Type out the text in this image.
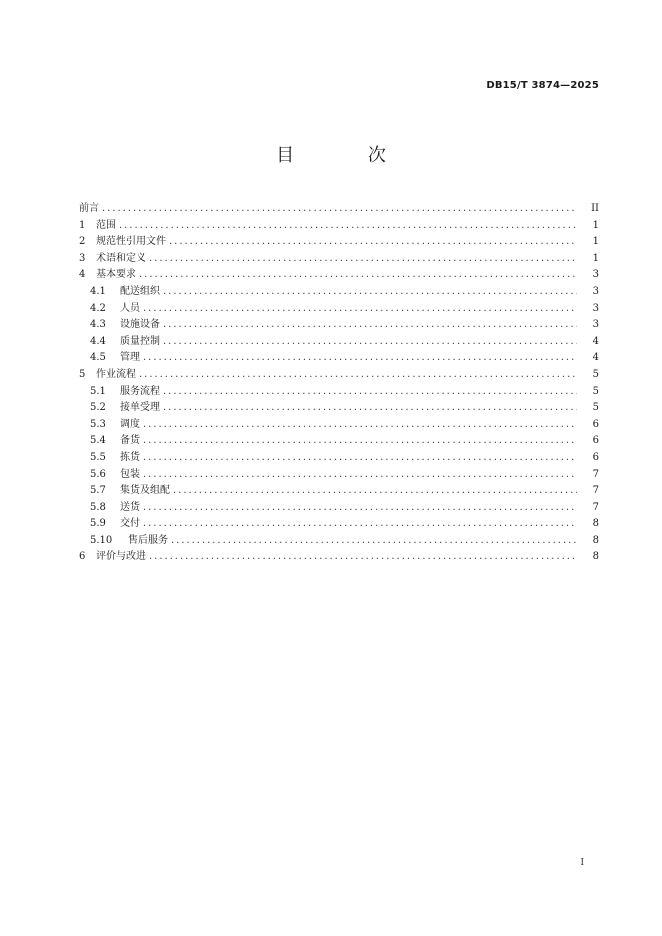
DB15/T 3874—2025
目 次
前言 . . .	II
1	范围 . . .	1
2	规范性引用文件 . . .	1
3	术语和定义 . . .	1
4	基本要求 . . .	3
4.1	配送组织 . . .	3
4.2	人员 . . .	3
4.3	设施设备 . . .	3
4.4	质量控制 . . .	4
4.5	管理 . . .	4
5	作业流程 . . .	5
5.1	服务流程 . . .	5
5.2	接单受理 . . .	5
5.3	调度 . . .	6
5.4	备货 . . .	6
5.5	拣货 . . .	6
5.6	包装 . . .	7
5.7	集货及组配 . . .	7
5.8	送货 . . .	7
5.9	交付 . . .	8
5.10	售后服务 . . .	8
6	评价与改进 . . .	8
I
